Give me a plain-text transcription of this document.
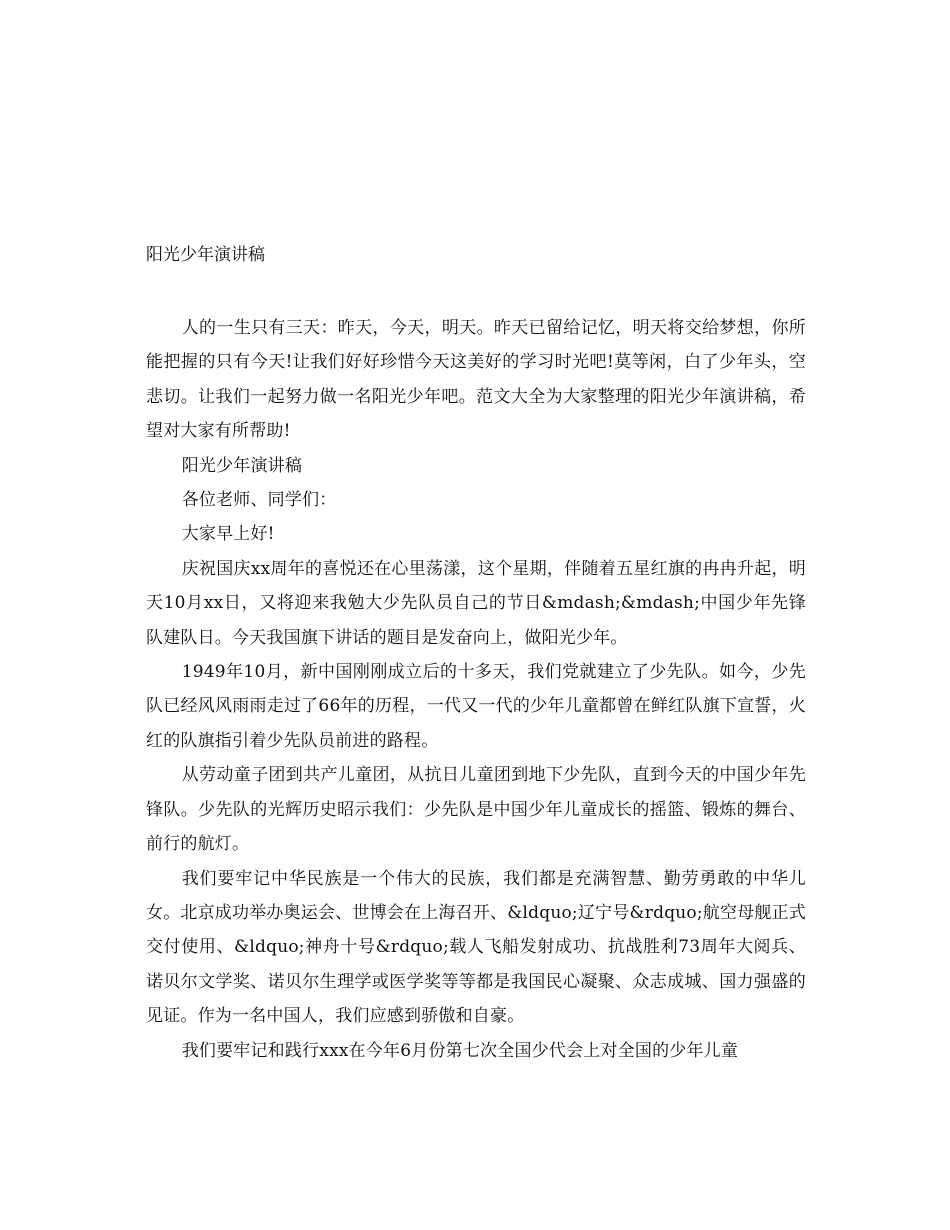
阳光少年演讲稿

人的一生只有三天：昨天，今天，明天。昨天已留给记忆，明天将交给梦想，你所能把握的只有今天!让我们好好珍惜今天这美好的学习时光吧!莫等闲，白了少年头，空悲切。让我们一起努力做一名阳光少年吧。范文大全为大家整理的阳光少年演讲稿，希望对大家有所帮助!

阳光少年演讲稿

各位老师、同学们：

大家早上好!

庆祝国庆xx周年的喜悦还在心里荡漾，这个星期，伴随着五星红旗的冉冉升起，明天10月xx日，又将迎来我勉大少先队员自己的节日&mdash;&mdash;中国少年先锋队建队日。今天我国旗下讲话的题目是发奋向上，做阳光少年。

1949年10月，新中国刚刚成立后的十多天，我们党就建立了少先队。如今，少先队已经风风雨雨走过了66年的历程，一代又一代的少年儿童都曾在鲜红队旗下宣誓，火红的队旗指引着少先队员前进的路程。

从劳动童子团到共产儿童团，从抗日儿童团到地下少先队，直到今天的中国少年先锋队。少先队的光辉历史昭示我们：少先队是中国少年儿童成长的摇篮、锻炼的舞台、前行的航灯。

我们要牢记中华民族是一个伟大的民族，我们都是充满智慧、勤劳勇敢的中华儿女。北京成功举办奥运会、世博会在上海召开、&ldquo;辽宁号&rdquo;航空母舰正式交付使用、&ldquo;神舟十号&rdquo;载人飞船发射成功、抗战胜利73周年大阅兵、诺贝尔文学奖、诺贝尔生理学或医学奖等等都是我国民心凝聚、众志成城、国力强盛的见证。作为一名中国人，我们应感到骄傲和自豪。

我们要牢记和践行xxx在今年6月份第七次全国少代会上对全国的少年儿童
